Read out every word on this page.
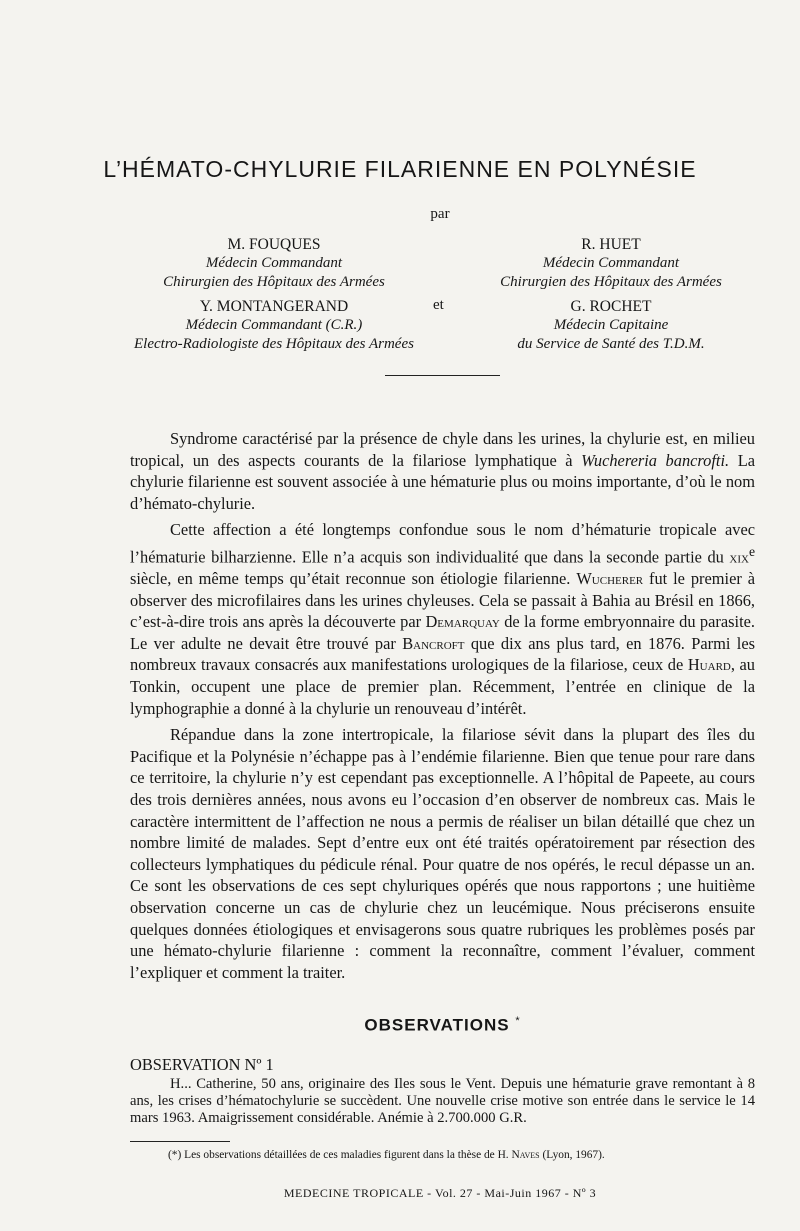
L’HÉMATO-CHYLURIE FILARIENNE EN POLYNÉSIE
par
M. FOUQUES
Médecin Commandant
Chirurgien des Hôpitaux des Armées
R. HUET
Médecin Commandant
Chirurgien des Hôpitaux des Armées
Y. MONTANGERAND
Médecin Commandant (C.R.)
Electro-Radiologiste des Hôpitaux des Armées
et	G. ROCHET
Médecin Capitaine
du Service de Santé des T.D.M.

Syndrome caractérisé par la présence de chyle dans les urines, la chylurie est, en milieu tropical, un des aspects courants de la filariose lymphatique à Wuchereria bancrofti. La chylurie filarienne est souvent associée à une hématurie plus ou moins importante, d’où le nom d’hémato-chylurie.

Cette affection a été longtemps confondue sous le nom d’hématurie tropicale avec l’hématurie bilharzienne. Elle n’a acquis son individualité que dans la seconde partie du xix$^e$ siècle, en même temps qu’était reconnue son étiologie filarienne. Wucherer fut le premier à observer des microfilaires dans les urines chyleuses. Cela se passait à Bahia au Brésil en 1866, c’est-à-dire trois ans après la découverte par Demarquay de la forme embryonnaire du parasite. Le ver adulte ne devait être trouvé par Bancroft que dix ans plus tard, en 1876. Parmi les nombreux travaux consacrés aux manifestations urologiques de la filariose, ceux de Huard, au Tonkin, occupent une place de premier plan. Récemment, l’entrée en clinique de la lymphographie a donné à la chylurie un renouveau d’intérêt.

Répandue dans la zone intertropicale, la filariose sévit dans la plupart des îles du Pacifique et la Polynésie n’échappe pas à l’endémie filarienne. Bien que tenue pour rare dans ce territoire, la chylurie n’y est cependant pas exceptionnelle. A l’hôpital de Papeete, au cours des trois dernières années, nous avons eu l’occasion d’en observer de nombreux cas. Mais le caractère intermittent de l’affection ne nous a permis de réaliser un bilan détaillé que chez un nombre limité de malades. Sept d’entre eux ont été traités opératoirement par résection des collecteurs lymphatiques du pédicule rénal. Pour quatre de nos opérés, le recul dépasse un an. Ce sont les observations de ces sept chyluriques opérés que nous rapportons ; une huitième observation concerne un cas de chylurie chez un leucémique. Nous préciserons ensuite quelques données étiologiques et envisagerons sous quatre rubriques les problèmes posés par une hémato-chylurie filarienne : comment la reconnaître, comment l’évaluer, comment l’expliquer et comment la traiter.

OBSERVATIONS *
OBSERVATION Nº 1

H... Catherine, 50 ans, originaire des Iles sous le Vent. Depuis une hématurie grave remontant à 8 ans, les crises d’hématochylurie se succèdent. Une nouvelle crise motive son entrée dans le service le 14 mars 1963. Amaigrissement considérable. Anémie à 2.700.000 G.R.

(*) Les observations détaillées de ces maladies figurent dans la thèse de H. Naves (Lyon, 1967).
MEDECINE TROPICALE - Vol. 27 - Mai-Juin 1967 - Nº 3
